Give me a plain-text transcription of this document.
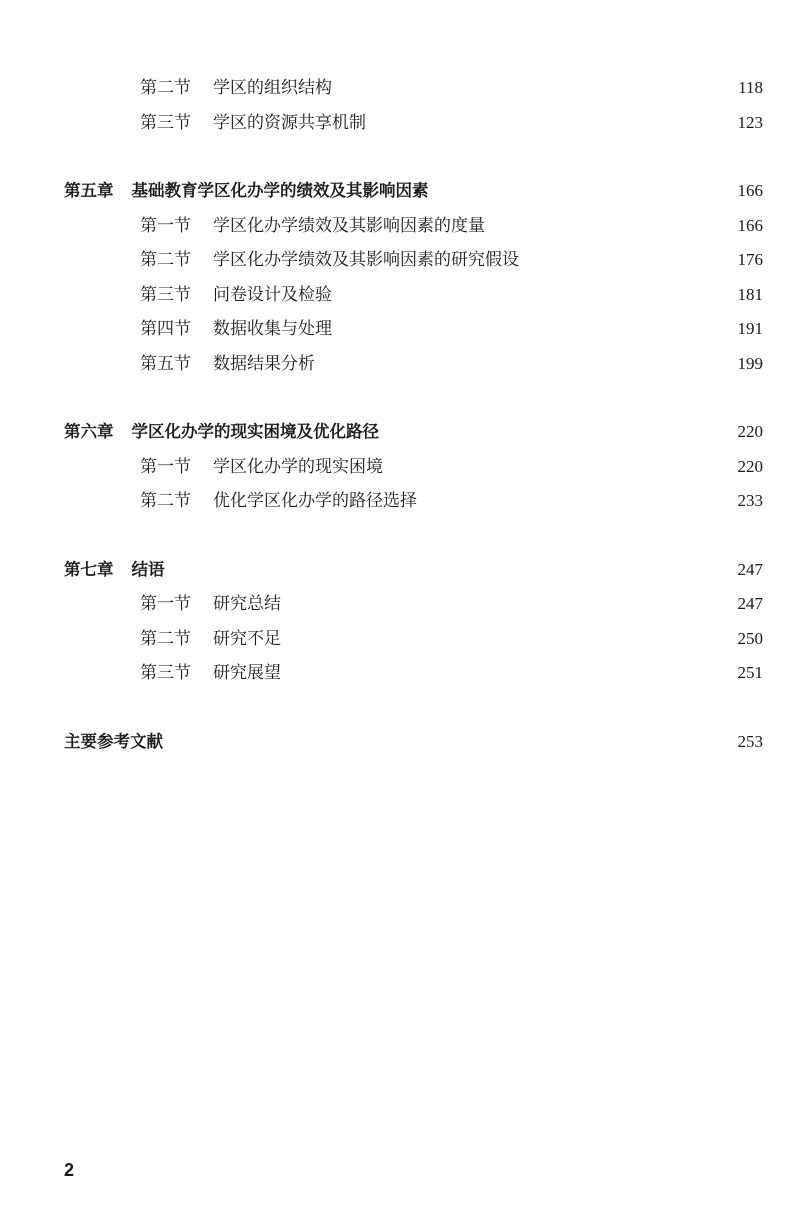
第二节 学区的组织结构	118
第三节 学区的资源共享机制	123
第五章 基础教育学区化办学的绩效及其影响因素	166
第一节 学区化办学绩效及其影响因素的度量	166
第二节 学区化办学绩效及其影响因素的研究假设	176
第三节 问卷设计及检验	181
第四节 数据收集与处理	191
第五节 数据结果分析	199
第六章 学区化办学的现实困境及优化路径	220
第一节 学区化办学的现实困境	220
第二节 优化学区化办学的路径选择	233
第七章 结语	247
第一节 研究总结	247
第二节 研究不足	250
第三节 研究展望	251
主要参考文献	253
2
